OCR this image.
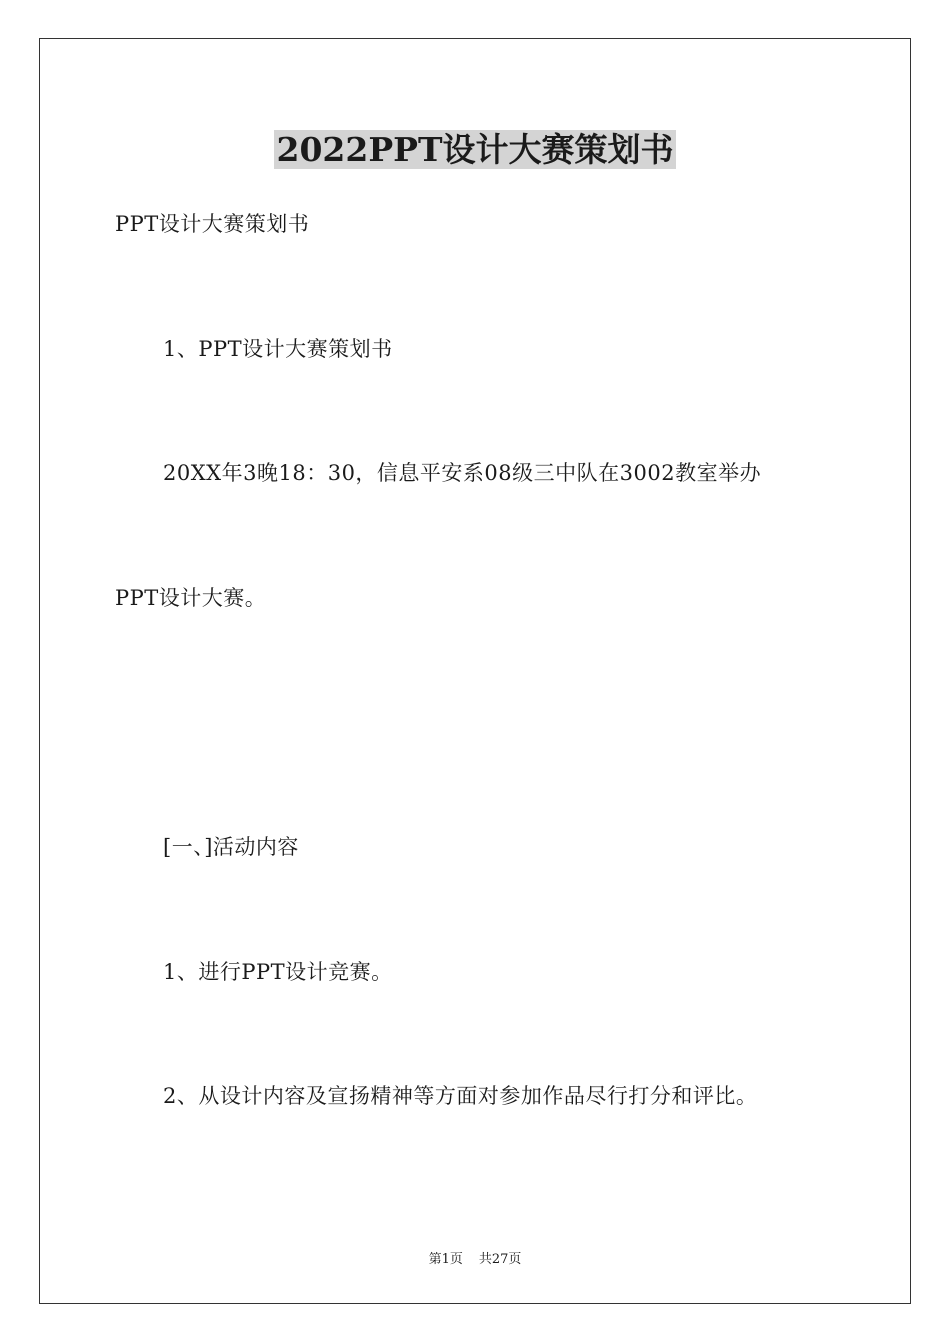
2022PPT设计大赛策划书
PPT设计大赛策划书
1、PPT设计大赛策划书
20XX年3晚18：30，信息平安系08级三中队在3002教室举办
PPT设计大赛。
[一、]活动内容
1、进行PPT设计竞赛。
2、从设计内容及宣扬精神等方面对参加作品尽行打分和评比。
第1页 共27页
